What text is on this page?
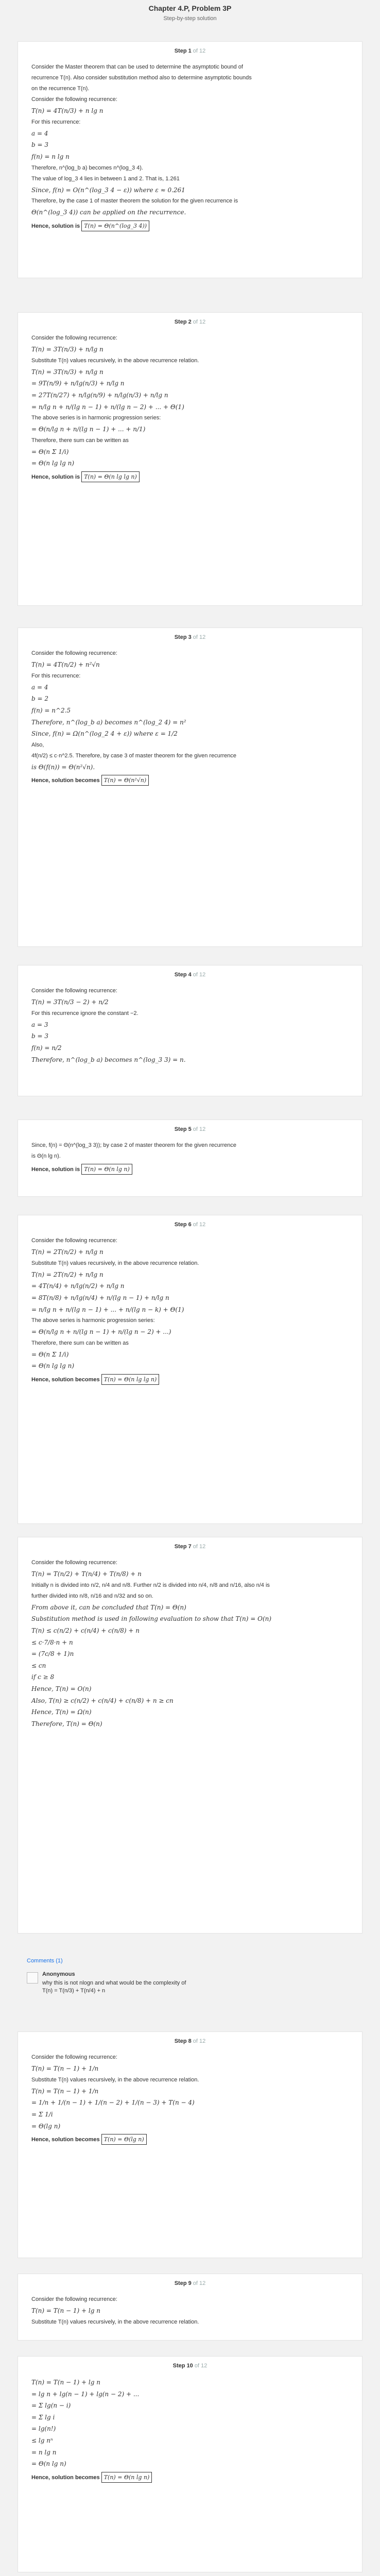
Chapter 4.P, Problem 3P
Step-by-step solution
Step 1 of 12

Consider the Master theorem that can be used to determine the asymptotic bound of

recurrence T(n). Also consider substitution method also to determine asymptotic bounds

on the recurrence T(n).

Consider the following recurrence:

T(n) = 4T(n/3) + n lg n

For this recurrence:

a = 4

b = 3

f(n) = n lg n

Therefore, n^(log_b a) becomes n^(log_3 4).

The value of log_3 4 lies in between 1 and 2. That is, 1.261

Since, f(n) = O(n^(log_3 4 − ε)) where ε ≈ 0.261

Therefore, by the case 1 of master theorem the solution for the given recurrence is

Θ(n^(log_3 4)) can be applied on the recurrence.

Hence, solution is T(n) = Θ(n^(log_3 4))

Step 2 of 12

Consider the following recurrence:

T(n) = 3T(n/3) + n/lg n

Substitute T(n) values recursively, in the above recurrence relation.

T(n) = 3T(n/3) + n/lg n

= 9T(n/9) + n/lg(n/3) + n/lg n

= 27T(n/27) + n/lg(n/9) + n/lg(n/3) + n/lg n

= n/lg n + n/(lg n − 1) + n/(lg n − 2) + ... + Θ(1)

The above series is in harmonic progression series:

= Θ(n/lg n + n/(lg n − 1) + ... + n/1)

Therefore, there sum can be written as

= Θ(n Σ 1/i)

= Θ(n lg lg n)

Hence, solution is T(n) = Θ(n lg lg n)

Step 3 of 12

Consider the following recurrence:

T(n) = 4T(n/2) + n²√n

For this recurrence:

a = 4

b = 2

f(n) = n^2.5

Therefore, n^(log_b a) becomes n^(log_2 4) = n²

Since, f(n) = Ω(n^(log_2 4 + ε)) where ε = 1/2

Also,

4f(n/2) ≤ c·n^2.5. Therefore, by case 3 of master theorem for the given recurrence

is Θ(f(n)) = Θ(n²√n).

Hence, solution becomes T(n) = Θ(n²√n)

Step 4 of 12

Consider the following recurrence:

T(n) = 3T(n/3 − 2) + n/2

For this recurrence ignore the constant −2.

a = 3

b = 3

f(n) = n/2

Therefore, n^(log_b a) becomes n^(log_3 3) = n.

Step 5 of 12

Since, f(n) = Θ(n^(log_3 3)); by case 2 of master theorem for the given recurrence

is Θ(n lg n).

Hence, solution is T(n) = Θ(n lg n)

Step 6 of 12

Consider the following recurrence:

T(n) = 2T(n/2) + n/lg n

Substitute T(n) values recursively, in the above recurrence relation.

T(n) = 2T(n/2) + n/lg n

= 4T(n/4) + n/lg(n/2) + n/lg n

= 8T(n/8) + n/lg(n/4) + n/(lg n − 1) + n/lg n

= n/lg n + n/(lg n − 1) + ... + n/(lg n − k) + Θ(1)

The above series is harmonic progression series:

= Θ(n/lg n + n/(lg n − 1) + n/(lg n − 2) + ...)

Therefore, there sum can be written as

= Θ(n Σ 1/i)

= Θ(n lg lg n)

Hence, solution becomes T(n) = Θ(n lg lg n)

Step 7 of 12

Consider the following recurrence:

T(n) = T(n/2) + T(n/4) + T(n/8) + n

Initially n is divided into n/2, n/4 and n/8. Further n/2 is divided into n/4, n/8 and n/16, also n/4 is

further divided into n/8, n/16 and n/32 and so on.

From above it, can be concluded that T(n) = Θ(n)

Substitution method is used in following evaluation to show that T(n) = O(n)

T(n) ≤ c(n/2) + c(n/4) + c(n/8) + n

≤ c·7/8·n + n

= (7c/8 + 1)n

≤ cn

if c ≥ 8

Hence, T(n) = O(n)

Also, T(n) ≥ c(n/2) + c(n/4) + c(n/8) + n ≥ cn

Hence, T(n) = Ω(n)

Therefore, T(n) = Θ(n)

Step 8 of 12

Consider the following recurrence:

T(n) = T(n − 1) + 1/n

Substitute T(n) values recursively, in the above recurrence relation.

T(n) = T(n − 1) + 1/n

= 1/n + 1/(n − 1) + 1/(n − 2) + 1/(n − 3) + T(n − 4)

= Σ 1/i

= Θ(lg n)

Hence, solution becomes T(n) = Θ(lg n)

Step 9 of 12

Consider the following recurrence:

T(n) = T(n − 1) + lg n

Substitute T(n) values recursively, in the above recurrence relation.

Step 10 of 12

T(n) = T(n − 1) + lg n

= lg n + lg(n − 1) + lg(n − 2) + ...

= Σ lg(n − i)

= Σ lg i

= lg(n!)

≤ lg nⁿ

= n lg n

= Θ(n lg n)

Hence, solution becomes T(n) = Θ(n lg n)

Comments (1)
Anonymous
why this is not nlogn and what would be the complexity of T(n) = T(n/3) + T(n/4) + n
